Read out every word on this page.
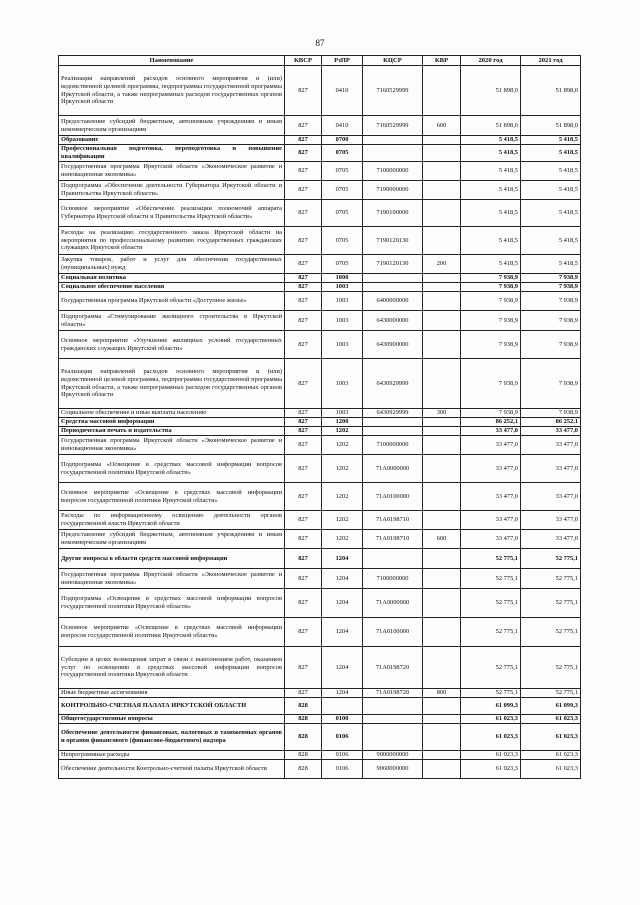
87
Наименование	КВСР	РзПР	КЦСР	КВР	2020 год	2021 год
Реализация направлений расходов основного мероприятия и (или) ведомственной целевой программы, подпрограммы государственной программы Иркутской области, а также непрограммных расходов государственных органов Иркутской области	827	0410	7160529999		51 898,0	51 898,0
Предоставление субсидий бюджетным, автономным учреждениям и иным некоммерческим организациям	827	0410	7160529999	600	51 898,0	51 898,0
Образование	827	0700			5 418,5	5 418,5
Профессиональная подготовка, переподготовка и повышение квалификации	827	0705			5 418,5	5 418,5
Государственная программа Иркутской области «Экономическое развитие и инновационная экономика»	827	0705	7100000000		5 418,5	5 418,5
Подпрограмма «Обеспечение деятельности Губернатора Иркутской области и Правительства Иркутской области»	827	0705	7190000000		5 418,5	5 418,5
Основное мероприятие «Обеспечение реализации полномочий аппарата Губернатора Иркутской области и Правительства Иркутской области»	827	0705	7190100000		5 418,5	5 418,5
Расходы на реализацию государственного заказа Иркутской области на мероприятия по профессиональному развитию государственных гражданских служащих Иркутской области	827	0705	7190120130		5 418,5	5 418,5
Закупка товаров, работ и услуг для обеспечения государственных (муниципальных) нужд	827	0705	7190120130	200	5 418,5	5 418,5
Социальная политика	827	1000			7 938,9	7 938,9
Социальное обеспечение населения	827	1003			7 938,9	7 938,9
Государственная программа Иркутской области «Доступное жилье»	827	1003	6400000000		7 938,9	7 938,9
Подпрограмма «Стимулирование жилищного строительства в Иркутской области»	827	1003	6430000000		7 938,9	7 938,9
Основное мероприятие «Улучшение жилищных условий государственных гражданских служащих Иркутской области»	827	1003	6430900000		7 938,9	7 938,9
Реализация направлений расходов основного мероприятия и (или) ведомственной целевой программы, подпрограммы государственной программы Иркутской области, а также непрограммных расходов государственных органов Иркутской области	827	1003	6430929999		7 938,9	7 938,9
Социальное обеспечение и иные выплаты населению	827	1003	6430929999	300	7 938,9	7 938,9
Средства массовой информации	827	1200			86 252,1	86 252,1
Периодическая печать и издательства	827	1202			33 477,0	33 477,0
Государственная программа Иркутской области «Экономическое развитие и инновационная экономика»	827	1202	7100000000		33 477,0	33 477,0
Подпрограмма «Освещение в средствах массовой информации вопросов государственной политики Иркутской области»	827	1202	71А0000000		33 477,0	33 477,0
Основное мероприятие «Освещение в средствах массовой информации вопросов государственной политики Иркутской области»	827	1202	71А0100000		33 477,0	33 477,0
Расходы по информационному освещению деятельности органов государственной власти Иркутской области	827	1202	71А0198710		33 477,0	33 477,0
Предоставление субсидий бюджетным, автономным учреждениям и иным некоммерческим организациям	827	1202	71А0198710	600	33 477,0	33 477,0
Другие вопросы в области средств массовой информации	827	1204			52 775,1	52 775,1
Государственная программа Иркутской области «Экономическое развитие и инновационная экономика»	827	1204	7100000000		52 775,1	52 775,1
Подпрограмма «Освещение в средствах массовой информации вопросов государственной политики Иркутской области»	827	1204	71А0000000		52 775,1	52 775,1
Основное мероприятие «Освещение в средствах массовой информации вопросов государственной политики Иркутской области»	827	1204	71А0100000		52 775,1	52 775,1
Субсидии в целях возмещения затрат в связи с выполнением работ, оказанием услуг по освещению в средствах массовой информации вопросов государственной политики Иркутской области	827	1204	71А0198720		52 775,1	52 775,1
Иные бюджетные ассигнования	827	1204	71А0198720	800	52 775,1	52 775,1
КОНТРОЛЬНО-СЧЕТНАЯ ПАЛАТА ИРКУТСКОЙ ОБЛАСТИ	828				61 099,3	61 099,3
Общегосударственные вопросы	828	0100			61 023,3	61 023,3
Обеспечение деятельности финансовых, налоговых и таможенных органов и органов финансового (финансово-бюджетного) надзора	828	0106			61 023,3	61 023,3
Непрограммные расходы	828	0106	9000000000		61 023,3	61 023,3
Обеспечение деятельности Контрольно-счетной палаты Иркутской области	828	0106	9060000000		61 023,3	61 023,3
